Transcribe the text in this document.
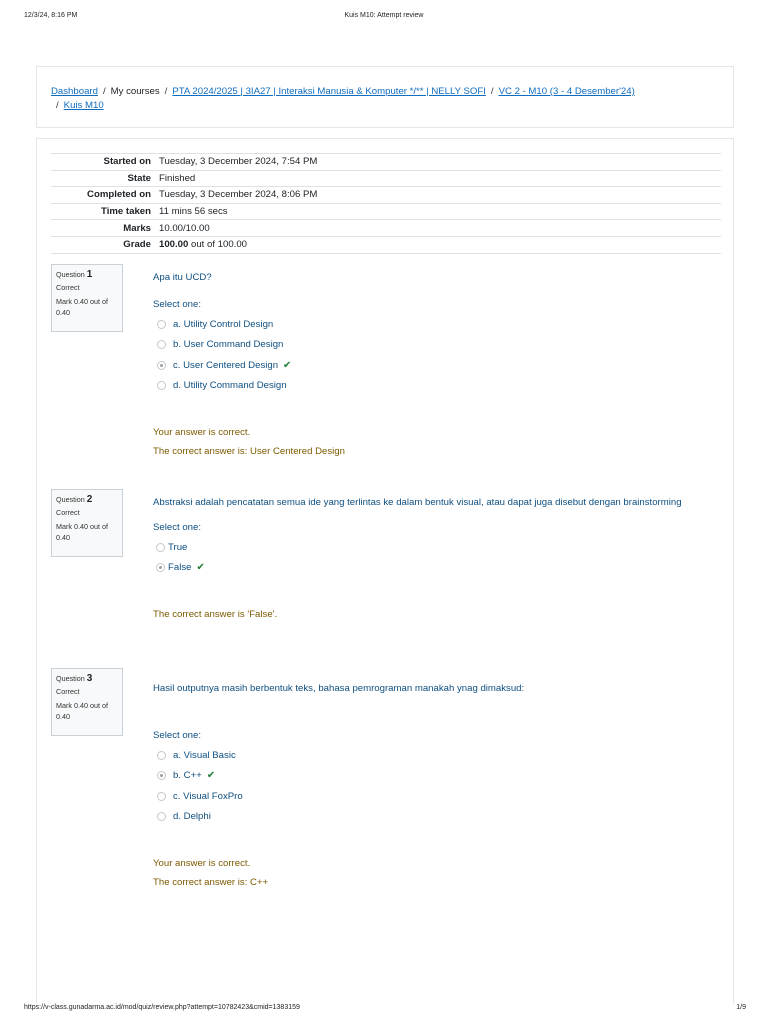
12/3/24, 8:16 PM	Kuis M10: Attempt review
Dashboard / My courses / PTA 2024/2025 | 3IA27 | Interaksi Manusia & Komputer */** | NELLY SOFI / VC 2 - M10 (3 - 4 Desember'24)
/ Kuis M10
Started on	Tuesday, 3 December 2024, 7:54 PM
State	Finished
Completed on	Tuesday, 3 December 2024, 8:06 PM
Time taken	11 mins 56 secs
Marks	10.00/10.00
Grade	100.00 out of 100.00
Question 1
Correct
Mark 0.40 out of 0.40
Apa itu UCD?
Select one:
a. Utility Control Design
b. User Command Design
c. User Centered Design ✔
d. Utility Command Design
Your answer is correct.
The correct answer is: User Centered Design
Question 2
Correct
Mark 0.40 out of 0.40
Abstraksi adalah pencatatan semua ide yang terlintas ke dalam bentuk visual, atau dapat juga disebut dengan brainstorming
Select one:
True
False ✔
The correct answer is 'False'.
Question 3
Correct
Mark 0.40 out of 0.40
Hasil outputnya masih berbentuk teks, bahasa pemrograman manakah ynag dimaksud:
Select one:
a. Visual Basic
b. C++ ✔
c. Visual FoxPro
d. Delphi
Your answer is correct.
The correct answer is: C++
https://v-class.gunadarma.ac.id/mod/quiz/review.php?attempt=10782423&cmid=1383159	1/9
